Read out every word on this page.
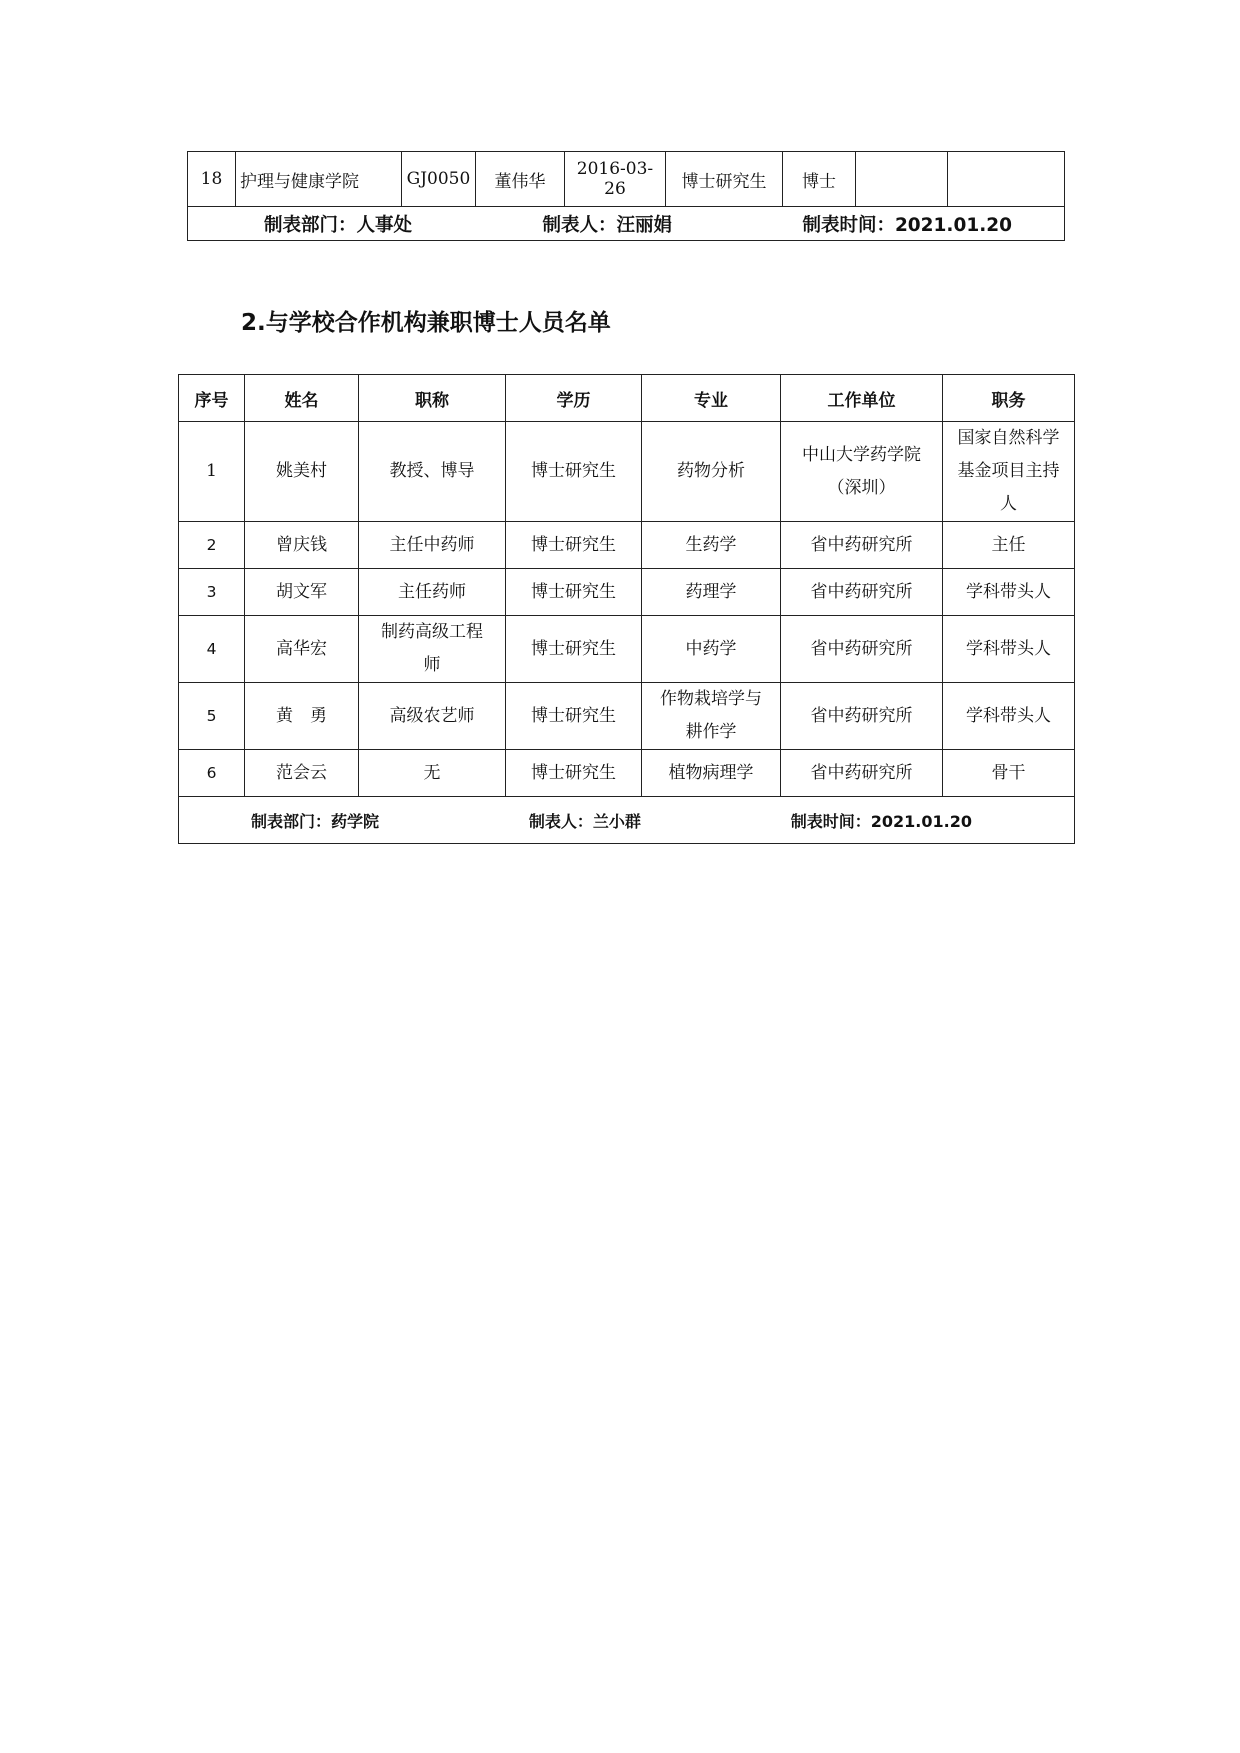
18	护理与健康学院	GJ0050	董伟华	2016-03-26	博士研究生	博士		

制表部门：人事处	制表人：汪丽娟	制表时间：2021.01.20
2.与学校合作机构兼职博士人员名单
序号	姓名	职称	学历	专业	工作单位	职务
1	姚美村	教授、博导	博士研究生	药物分析	中山大学药学院（深圳）	国家自然科学基金项目主持人
2	曾庆钱	主任中药师	博士研究生	生药学	省中药研究所	主任
3	胡文军	主任药师	博士研究生	药理学	省中药研究所	学科带头人
4	高华宏	制药高级工程师	博士研究生	中药学	省中药研究所	学科带头人
5	黄　勇	高级农艺师	博士研究生	作物栽培学与耕作学	省中药研究所	学科带头人
6	范会云	无	博士研究生	植物病理学	省中药研究所	骨干

制表部门：药学院 制表人：兰小群 制表时间：2021.01.20						
